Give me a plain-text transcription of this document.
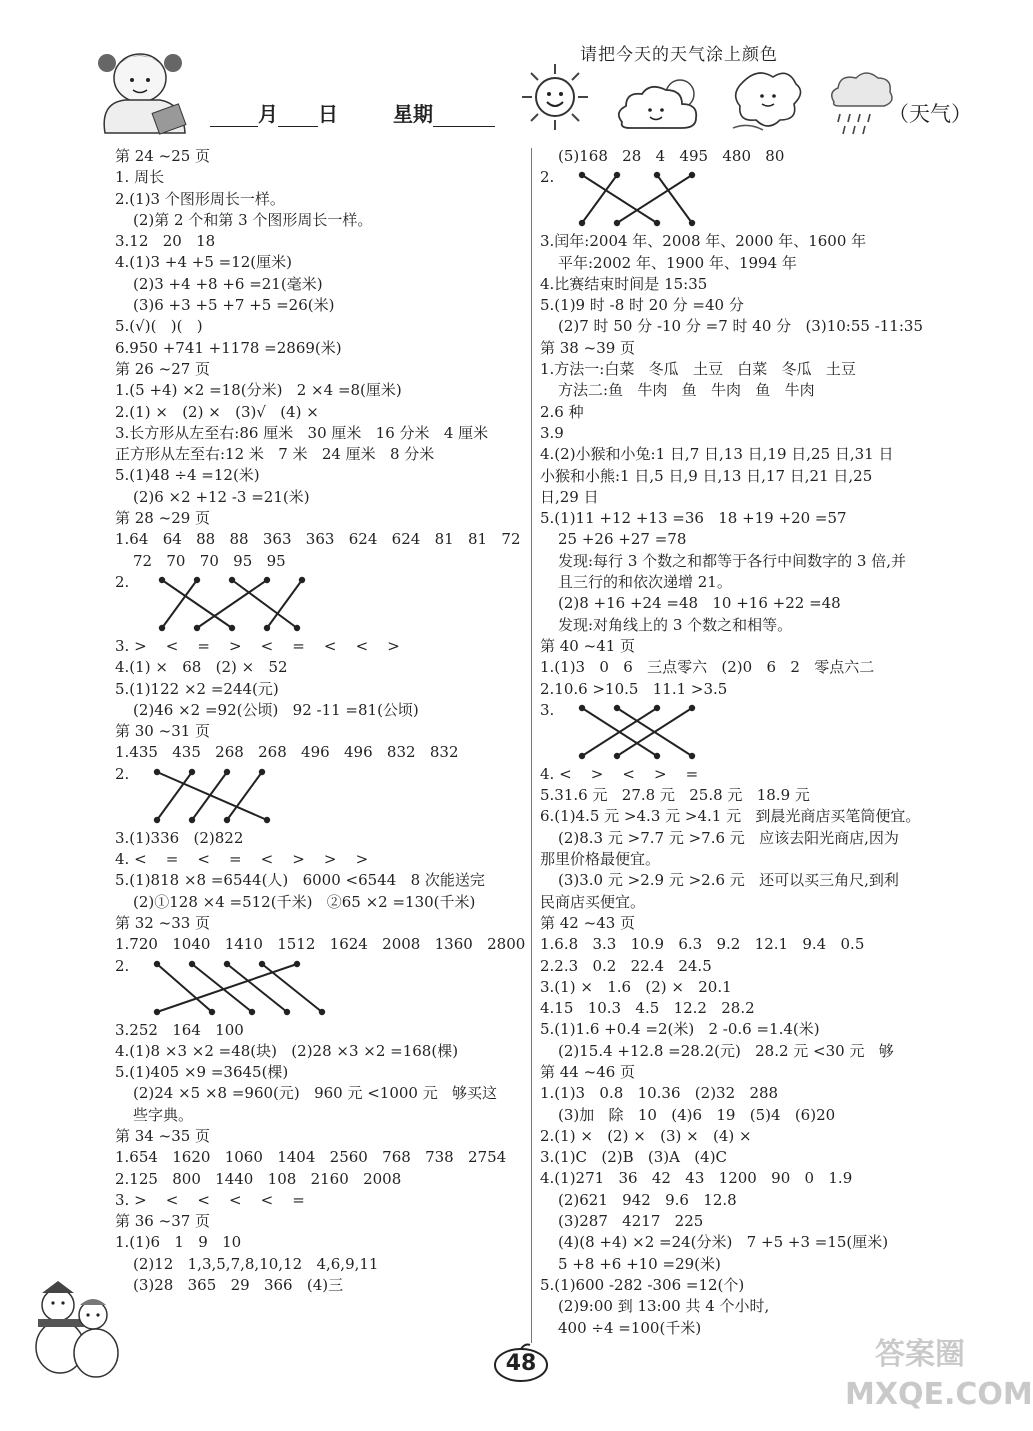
请把今天的天气涂上颜色
月 日	星期	（天气）
第 24 ~25 页
1. 周长
2.(1)3 个图形周长一样。
(2)第 2 个和第 3 个图形周长一样。
3.12   20   18
4.(1)3 +4 +5 =12(厘米)
(2)3 +4 +8 +6 =21(毫米)
(3)6 +3 +5 +7 +5 =26(米)
5.(√)(   )(   )
6.950 +741 +1178 =2869(米)
第 26 ~27 页
1.(5 +4) ×2 =18(分米)   2 ×4 =8(厘米)
2.(1) ×   (2) ×   (3)√   (4) ×
3.长方形从左至右:86 厘米   30 厘米   16 分米   4 厘米
正方形从左至右:12 米   7 米   24 厘米   8 分米
5.(1)48 ÷4 =12(米)
(2)6 ×2 +12 -3 =21(米)
第 28 ~29 页
1.64   64   88   88   363   363   624   624   81   81   72
72   70   70   95   95
2.
3. >    <    =    >    <    =    <    <    >
4.(1) ×   68   (2) ×   52
5.(1)122 ×2 =244(元)
(2)46 ×2 =92(公顷)   92 -11 =81(公顷)
第 30 ~31 页
1.435   435   268   268   496   496   832   832
2.
3.(1)336   (2)822
4. <    =    <    =    <    >    >    >
5.(1)818 ×8 =6544(人)   6000 <6544   8 次能送完
(2)①128 ×4 =512(千米)   ②65 ×2 =130(千米)
第 32 ~33 页
1.720   1040   1410   1512   1624   2008   1360   2800
2.
3.252   164   100
4.(1)8 ×3 ×2 =48(块)   (2)28 ×3 ×2 =168(棵)
5.(1)405 ×9 =3645(棵)
(2)24 ×5 ×8 =960(元)   960 元 <1000 元   够买这
些字典。
第 34 ~35 页
1.654   1620   1060   1404   2560   768   738   2754
2.125   800   1440   108   2160   2008
3. >    <    <    <    <    =
第 36 ~37 页
1.(1)6   1   9   10
(2)12   1,3,5,7,8,10,12   4,6,9,11
(3)28   365   29   366   (4)三
(5)168   28   4   495   480   80
2.
3.闰年:2004 年、2008 年、2000 年、1600 年
平年:2002 年、1900 年、1994 年
4.比赛结束时间是 15:35
5.(1)9 时 -8 时 20 分 =40 分
(2)7 时 50 分 -10 分 =7 时 40 分   (3)10:55 -11:35
第 38 ~39 页
1.方法一:白菜   冬瓜   土豆   白菜   冬瓜   土豆
方法二:鱼   牛肉   鱼   牛肉   鱼   牛肉
2.6 种
3.9
4.(2)小猴和小兔:1 日,7 日,13 日,19 日,25 日,31 日
小猴和小熊:1 日,5 日,9 日,13 日,17 日,21 日,25
日,29 日
5.(1)11 +12 +13 =36   18 +19 +20 =57
25 +26 +27 =78
发现:每行 3 个数之和都等于各行中间数字的 3 倍,并
且三行的和依次递增 21。
(2)8 +16 +24 =48   10 +16 +22 =48
发现:对角线上的 3 个数之和相等。
第 40 ~41 页
1.(1)3   0   6   三点零六   (2)0   6   2   零点六二
2.10.6 >10.5   11.1 >3.5
3.
4. <    >    <    >    =
5.31.6 元   27.8 元   25.8 元   18.9 元
6.(1)4.5 元 >4.3 元 >4.1 元   到晨光商店买笔筒便宜。
(2)8.3 元 >7.7 元 >7.6 元   应该去阳光商店,因为
那里价格最便宜。
(3)3.0 元 >2.9 元 >2.6 元   还可以买三角尺,到利
民商店买便宜。
第 42 ~43 页
1.6.8   3.3   10.9   6.3   9.2   12.1   9.4   0.5
2.2.3   0.2   22.4   24.5
3.(1) ×   1.6   (2) ×   20.1
4.15   10.3   4.5   12.2   28.2
5.(1)1.6 +0.4 =2(米)   2 -0.6 =1.4(米)
(2)15.4 +12.8 =28.2(元)   28.2 元 <30 元   够
第 44 ~46 页
1.(1)3   0.8   10.36   (2)32   288
(3)加   除   10   (4)6   19   (5)4   (6)20
2.(1) ×   (2) ×   (3) ×   (4) ×
3.(1)C   (2)B   (3)A   (4)C
4.(1)271   36   42   43   1200   90   0   1.9
(2)621   942   9.6   12.8
(3)287   4217   225
(4)(8 +4) ×2 =24(分米)   7 +5 +3 =15(厘米)
5 +8 +6 +10 =29(米)
5.(1)600 -282 -306 =12(个)
(2)9:00 到 13:00 共 4 个小时,
400 ÷4 =100(千米)
48	答案圈 MXQE.COM
